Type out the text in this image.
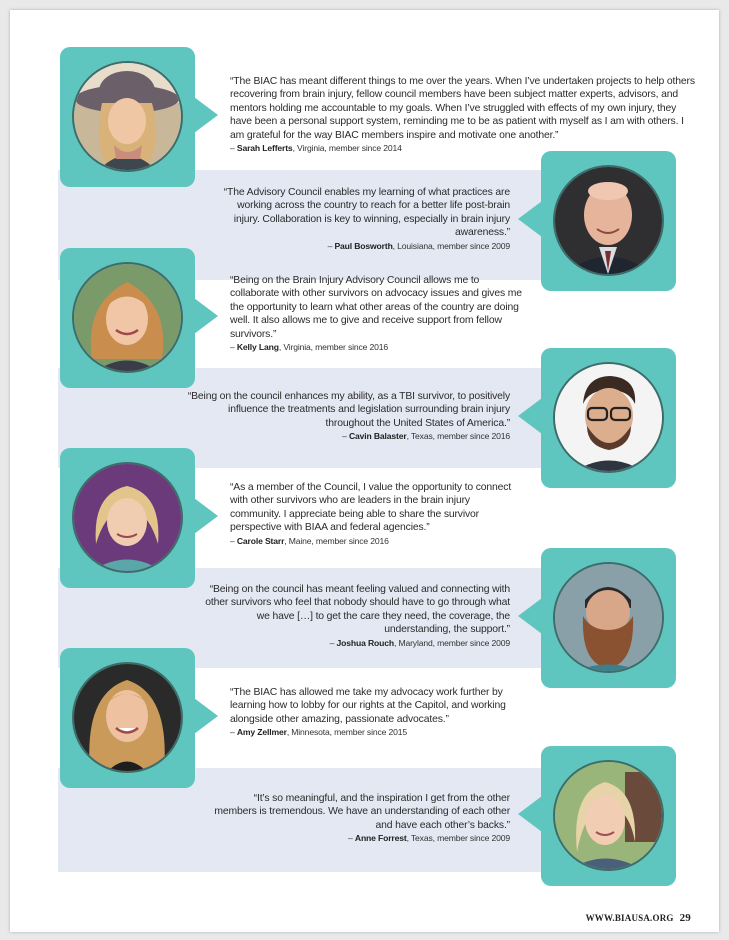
“The BIAC has meant different things to me over the years. When I’ve undertaken projects to help others recovering from brain injury, fellow council members have been subject matter experts, advisors, and mentors holding me accountable to my goals. When I’ve struggled with effects of my own injury, they have been a personal support system, reminding me to be as patient with myself as I am with others. I am grateful for the way BIAC members inspire and motivate one another.”

– Sarah Lefferts, Virginia, member since 2014

“The Advisory Council enables my learning of what practices are working across the country to reach for a better life post-brain injury. Collaboration is key to winning, especially in brain injury awareness.”

– Paul Bosworth, Louisiana, member since 2009

“Being on the Brain Injury Advisory Council allows me to collaborate with other survivors on advocacy issues and gives me the opportunity to learn what other areas of the country are doing well. It also allows me to give and receive support from fellow survivors.”

– Kelly Lang, Virginia, member since 2016

“Being on the council enhances my ability, as a TBI survivor, to positively influence the treatments and legislation surrounding brain injury throughout the United States of America.”

– Cavin Balaster, Texas, member since 2016

“As a member of the Council, I value the opportunity to connect with other survivors who are leaders in the brain injury community. I appreciate being able to share the survivor perspective with BIAA and federal agencies.”

– Carole Starr, Maine, member since 2016

“Being on the council has meant feeling valued and connecting with other survivors who feel that nobody should have to go through what we have […] to get the care they need, the coverage, the understanding, the support.”

– Joshua Rouch, Maryland, member since 2009

“The BIAC has allowed me take my advocacy work further by learning how to lobby for our rights at the Capitol, and working alongside other amazing, passionate advocates.”

– Amy Zellmer, Minnesota, member since 2015

“It’s so meaningful, and the inspiration I get from the other members is tremendous. We have an understanding of each other and have each other’s backs.”

– Anne Forrest, Texas, member since 2009
WWW.BIAUSA.ORG 29
